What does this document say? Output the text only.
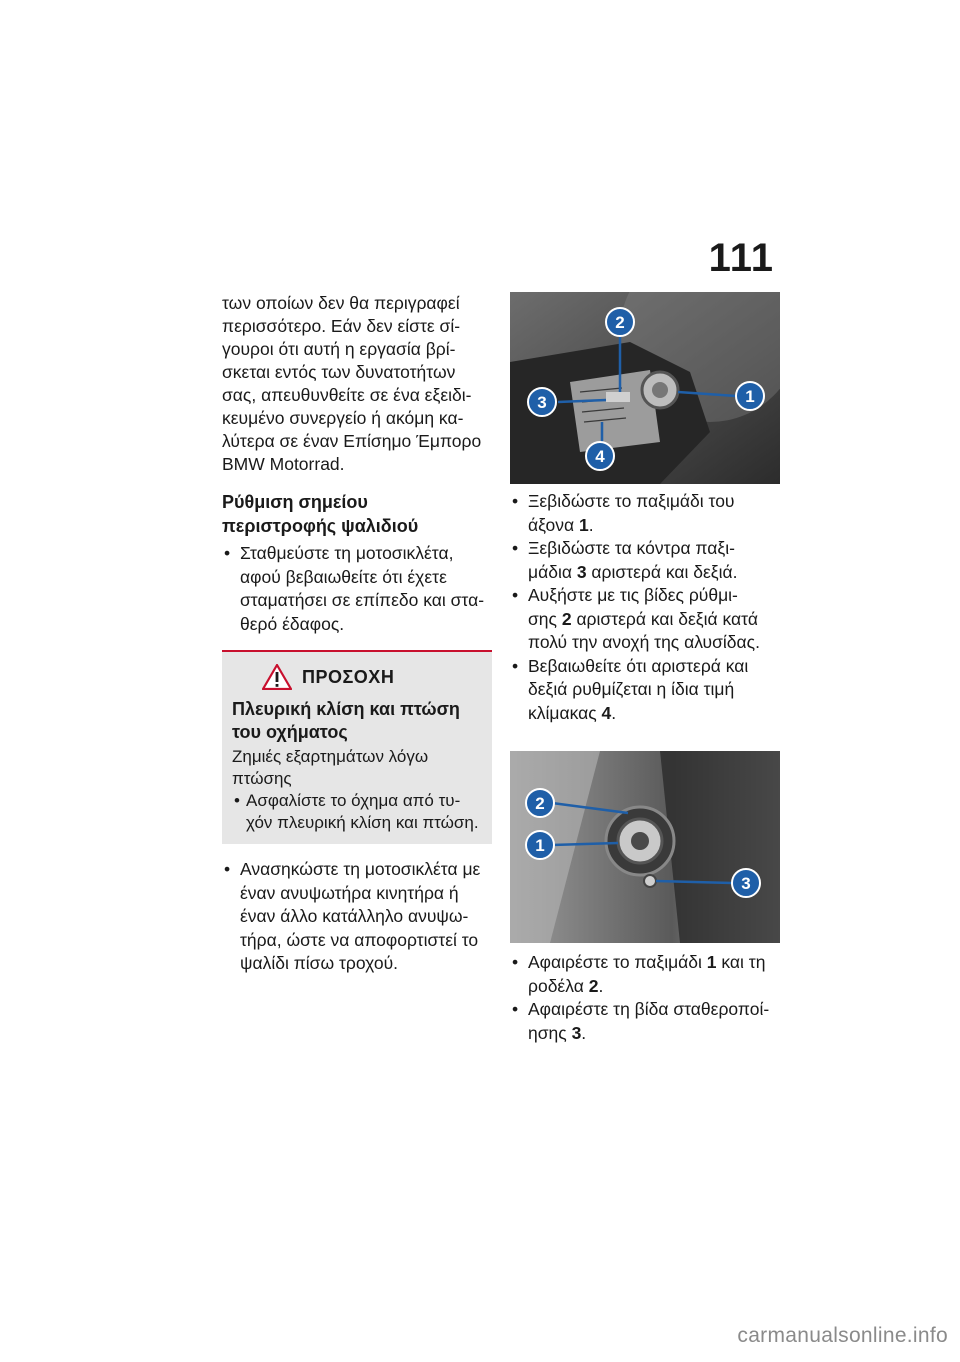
111

των οποίων δεν θα περιγραφεί
περισσότερο. Εάν δεν είστε σί-
γουροι ότι αυτή η εργασία βρί-
σκεται εντός των δυνατοτήτων
σας, απευθυνθείτε σε ένα εξειδι-
κευμένο συνεργείο ή ακόμη κα-
λύτερα σε έναν Επίσημο Έμπορο
BMW Motorrad.

Ρύθμιση σημείου
περιστροφής ψαλιδιού
• Σταθμεύστε τη μοτοσικλέτα,
αφού βεβαιωθείτε ότι έχετε
σταματήσει σε επίπεδο και στα-
θερό έδαφος.
ΠΡΟΣΟΧΗ

Πλευρική κλίση και πτώση
του οχήματος

Ζημιές εξαρτημάτων λόγω
πτώσης

• Ασφαλίστε το όχημα από τυ-
χόν πλευρική κλίση και πτώση.
• Ανασηκώστε τη μοτοσικλέτα με
έναν ανυψωτήρα κινητήρα ή
έναν άλλο κατάλληλο ανυψω-
τήρα, ώστε να αποφορτιστεί το
ψαλίδι πίσω τροχού.
1
2
3
4
• Ξεβιδώστε το παξιμάδι του
άξονα 1.
• Ξεβιδώστε τα κόντρα παξι-
μάδια 3 αριστερά και δεξιά.
• Αυξήστε με τις βίδες ρύθμι-
σης 2 αριστερά και δεξιά κατά
πολύ την ανοχή της αλυσίδας.
• Βεβαιωθείτε ότι αριστερά και
δεξιά ρυθμίζεται η ίδια τιμή
κλίμακας 4.
2
1
3
• Αφαιρέστε το παξιμάδι 1 και τη
ροδέλα 2.
• Αφαιρέστε τη βίδα σταθεροποί-
ησης 3.
carmanualsonline.info
